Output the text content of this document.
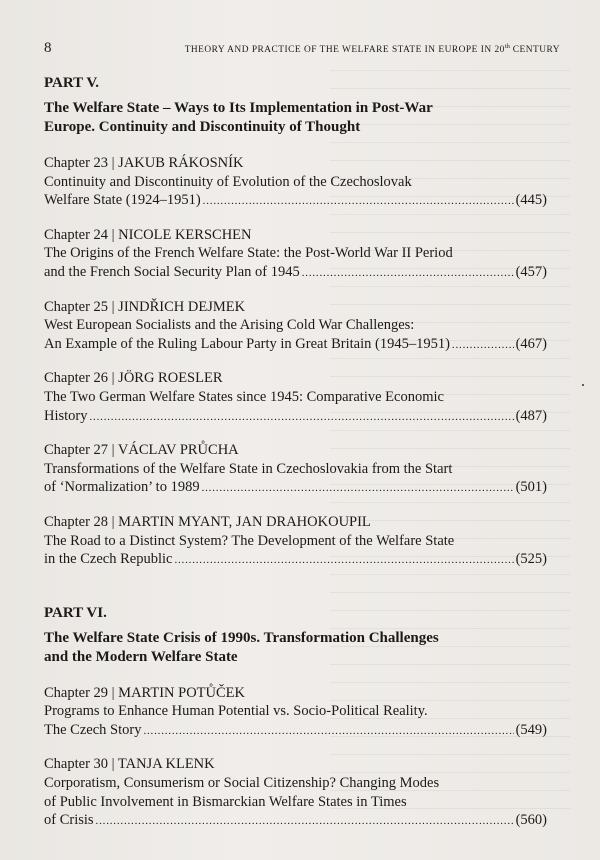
8	THEORY AND PRACTICE OF THE WELFARE STATE IN EUROPE IN 20th CENTURY
PART V.
The Welfare State – Ways to Its Implementation in Post-War
Europe. Continuity and Discontinuity of Thought
Chapter 23 | JAKUB RÁKOSNÍK
Continuity and Discontinuity of Evolution of the Czechoslovak
Welfare State (1924–1951) .....	(445)
Chapter 24 | NICOLE KERSCHEN
The Origins of the French Welfare State: the Post-World War II Period
and the French Social Security Plan of 1945 .....	(457)
Chapter 25 | JINDŘICH DEJMEK
West European Socialists and the Arising Cold War Challenges:
An Example of the Ruling Labour Party in Great Britain (1945–1951) .....	(467)
Chapter 26 | JÖRG ROESLER
The Two German Welfare States since 1945: Comparative Economic
History .....	(487)
Chapter 27 | VÁCLAV PRŮCHA
Transformations of the Welfare State in Czechoslovakia from the Start
of ‘Normalization’ to 1989 .....	(501)
Chapter 28 | MARTIN MYANT, JAN DRAHOKOUPIL
The Road to a Distinct System? The Development of the Welfare State
in the Czech Republic .....	(525)
PART VI.
The Welfare State Crisis of 1990s. Transformation Challenges
and the Modern Welfare State
Chapter 29 | MARTIN POTŮČEK
Programs to Enhance Human Potential vs. Socio-Political Reality.
The Czech Story .....	(549)
Chapter 30 | TANJA KLENK
Corporatism, Consumerism or Social Citizenship? Changing Modes
of Public Involvement in Bismarckian Welfare States in Times
of Crisis .....	(560)
